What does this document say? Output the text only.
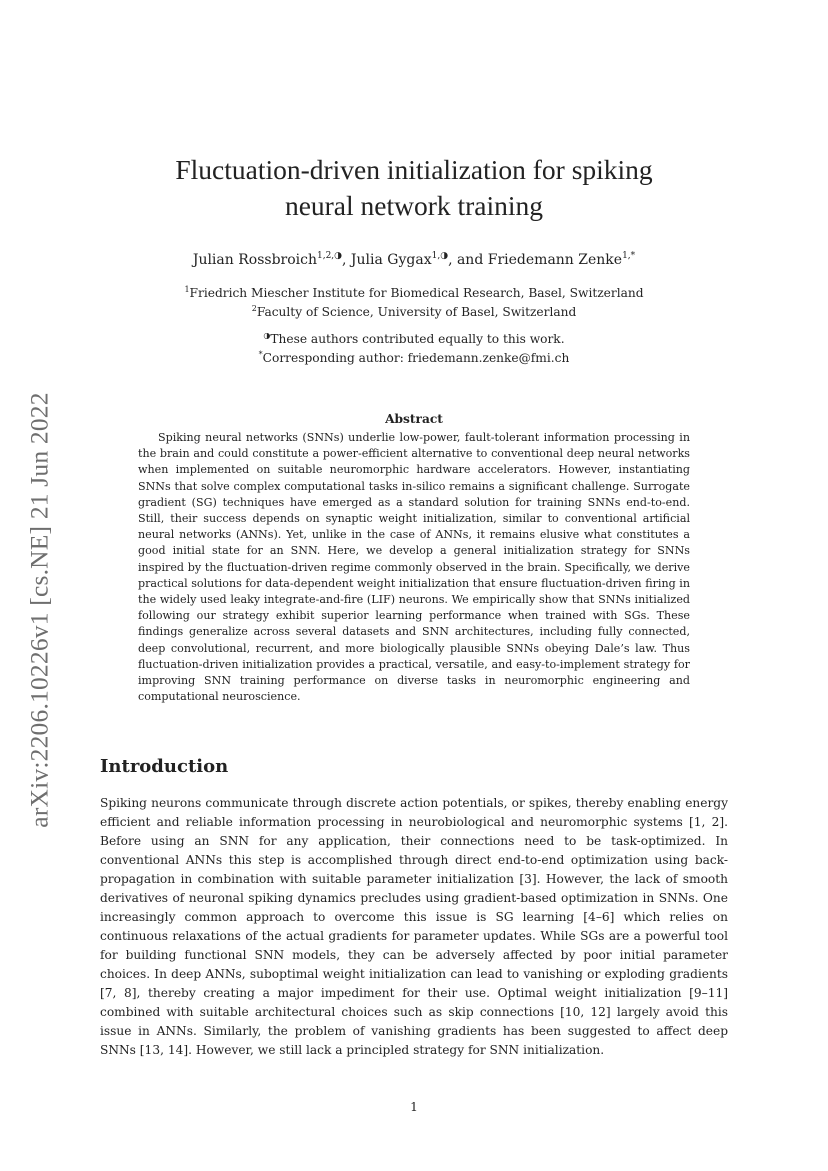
arXiv:2206.10226v1 [cs.NE] 21 Jun 2022
Fluctuation-driven initialization for spiking
neural network training
Julian Rossbroich$^{1,2,◑}$, Julia Gygax$^{1,◑}$, and Friedemann Zenke$^{1,*}$
$^1$Friedrich Miescher Institute for Biomedical Research, Basel, Switzerland
$^2$Faculty of Science, University of Basel, Switzerland
◑These authors contributed equally to this work.
*Corresponding author: friedemann.zenke@fmi.ch
Abstract

Spiking neural networks (SNNs) underlie low-power, fault-tolerant information processing in the brain and could constitute a power-efficient alternative to conventional deep neural networks when implemented on suitable neuromorphic hardware accelerators. However, instantiating SNNs that solve complex computational tasks in-silico remains a significant challenge. Surrogate gradient (SG) techniques have emerged as a standard solution for training SNNs end-to-end. Still, their success depends on synaptic weight initialization, similar to conventional artificial neural networks (ANNs). Yet, unlike in the case of ANNs, it remains elusive what constitutes a good initial state for an SNN. Here, we develop a general initialization strategy for SNNs inspired by the fluctuation-driven regime commonly observed in the brain. Specifically, we derive practical solutions for data-dependent weight initialization that ensure fluctuation-driven firing in the widely used leaky integrate-and-fire (LIF) neurons. We empirically show that SNNs initialized following our strategy exhibit superior learning performance when trained with SGs. These findings generalize across several datasets and SNN architectures, including fully connected, deep convolutional, recurrent, and more biologically plausible SNNs obeying Dale’s law. Thus fluctuation-driven initialization provides a practical, versatile, and easy-to-implement strategy for improving SNN training performance on diverse tasks in neuromorphic engineering and computational neuroscience.

Introduction

Spiking neurons communicate through discrete action potentials, or spikes, thereby enabling energy efficient and reliable information processing in neurobiological and neuromorphic systems [1, 2]. Before using an SNN for any application, their connections need to be task-optimized. In conventional ANNs this step is accomplished through direct end-to-end optimization using back-propagation in combination with suitable parameter initialization [3]. However, the lack of smooth derivatives of neuronal spiking dynamics precludes using gradient-based optimization in SNNs. One increasingly common approach to overcome this issue is SG learning [4–6] which relies on continuous relaxations of the actual gradients for parameter updates. While SGs are a powerful tool for building functional SNN models, they can be adversely affected by poor initial parameter choices. In deep ANNs, suboptimal weight initialization can lead to vanishing or exploding gradients [7, 8], thereby creating a major impediment for their use. Optimal weight initialization [9–11] combined with suitable architectural choices such as skip connections [10, 12] largely avoid this issue in ANNs. Similarly, the problem of vanishing gradients has been suggested to affect deep SNNs [13, 14]. However, we still lack a principled strategy for SNN initialization.

1
